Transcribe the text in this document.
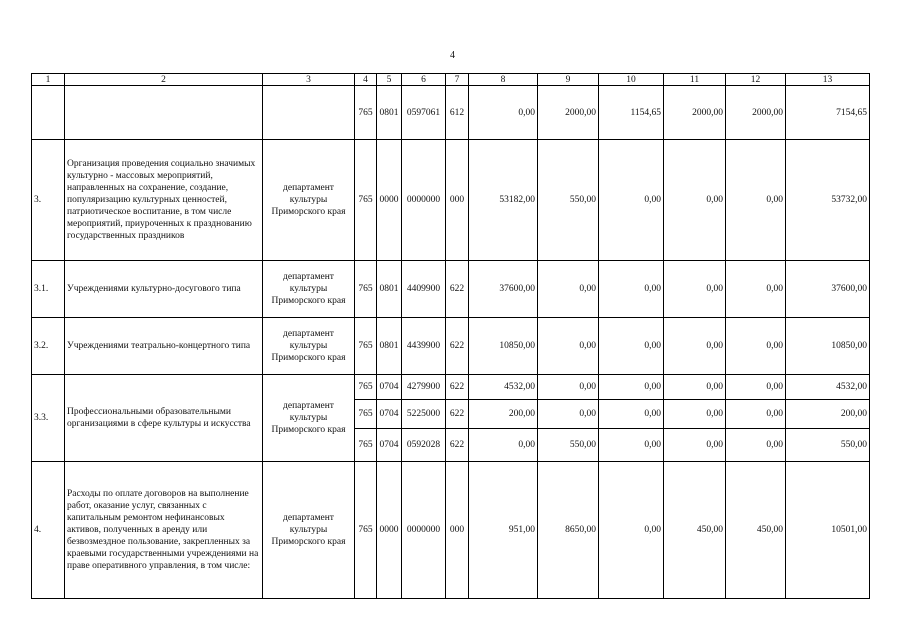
4
1	2	3	4	5	6	7	8	9	10	11	12	13
			765	0801	0597061	612	0,00	2000,00	1154,65	2000,00	2000,00	7154,65
3.	Организация проведения социально значимых культурно - массовых мероприятий, направленных на сохранение, создание, популяризацию культурных ценностей, патриотическое воспитание, в том числе мероприятий, приуроченных к празднованию государственных праздников	департамент культуры Приморского края	765	0000	0000000	000	53182,00	550,00	0,00	0,00	0,00	53732,00
3.1.	Учреждениями культурно-досугового типа	департамент культуры Приморского края	765	0801	4409900	622	37600,00	0,00	0,00	0,00	0,00	37600,00
3.2.	Учреждениями театрально-концертного типа	департамент культуры Приморского края	765	0801	4439900	622	10850,00	0,00	0,00	0,00	0,00	10850,00
3.3.	Профессиональными образовательными организациями в сфере культуры и искусства	департамент культуры Приморского края	765	0704	4279900	622	4532,00	0,00	0,00	0,00	0,00	4532,00
			765	0704	5225000	622	200,00	0,00	0,00	0,00	0,00	200,00
			765	0704	0592028	622	0,00	550,00	0,00	0,00	0,00	550,00
4.	Расходы по оплате договоров на выполнение работ, оказание услуг, связанных с капитальным ремонтом нефинансовых активов, полученных в аренду или безвозмездное пользование, закрепленных за краевыми государственными учреждениями на праве оперативного управления, в том числе:	департамент культуры Приморского края	765	0000	0000000	000	951,00	8650,00	0,00	450,00	450,00	10501,00
